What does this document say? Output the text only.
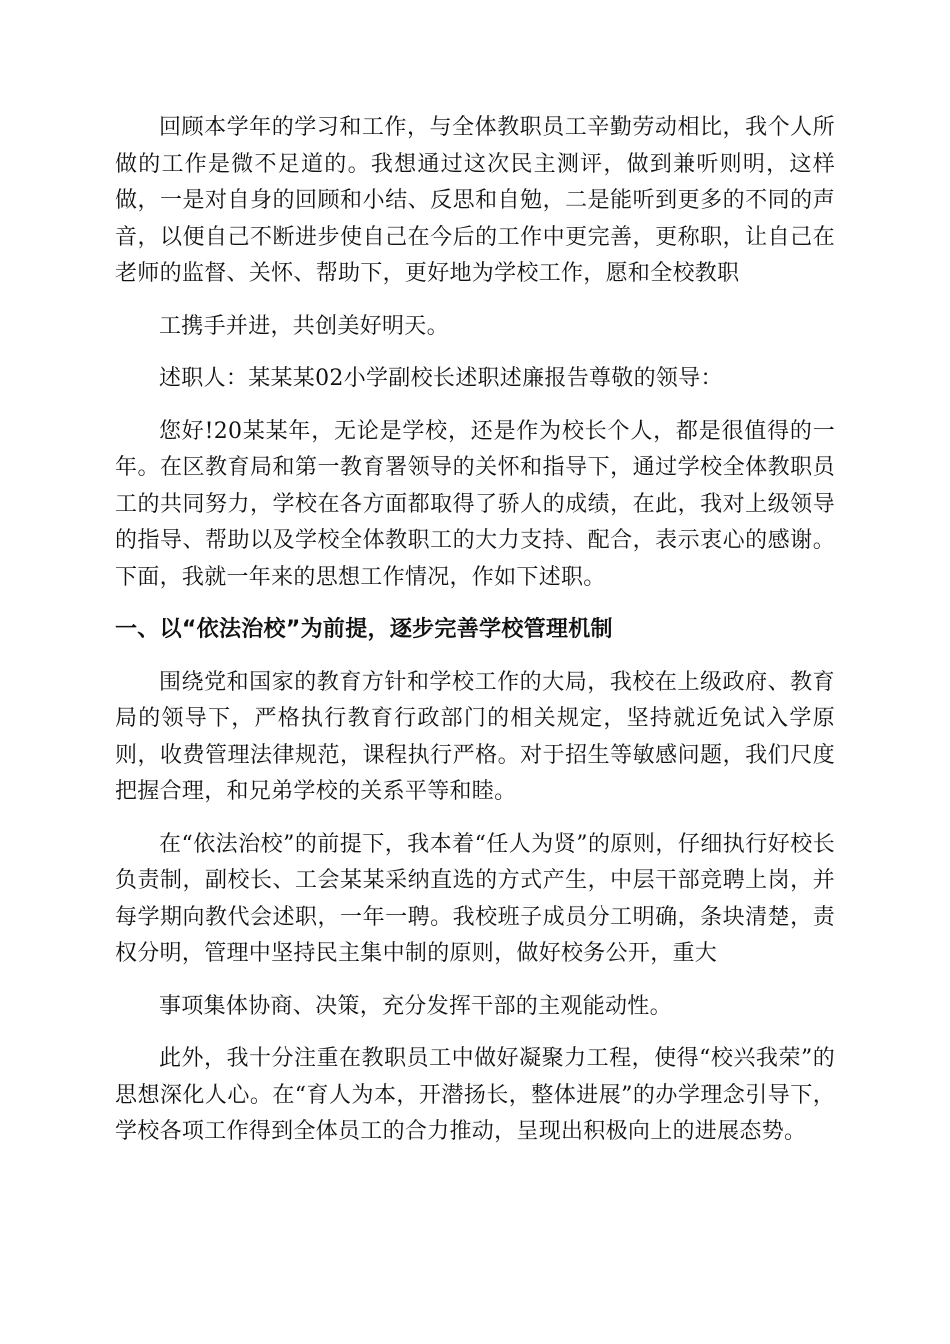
回顾本学年的学习和工作，与全体教职员工辛勤劳动相比，我个人所做的工作是微不足道的。我想通过这次民主测评，做到兼听则明，这样做，一是对自身的回顾和小结、反思和自勉，二是能听到更多的不同的声音，以便自己不断进步使自己在今后的工作中更完善，更称职，让自己在老师的监督、关怀、帮助下，更好地为学校工作，愿和全校教职

工携手并进，共创美好明天。

述职人：某某某02小学副校长述职述廉报告尊敬的领导：

您好!20某某年，无论是学校，还是作为校长个人，都是很值得的一年。在区教育局和第一教育署领导的关怀和指导下，通过学校全体教职员工的共同努力，学校在各方面都取得了骄人的成绩，在此，我对上级领导的指导、帮助以及学校全体教职工的大力支持、配合，表示衷心的感谢。下面，我就一年来的思想工作情况，作如下述职。

一、以“依法治校”为前提，逐步完善学校管理机制

围绕党和国家的教育方针和学校工作的大局，我校在上级政府、教育局的领导下，严格执行教育行政部门的相关规定，坚持就近免试入学原则，收费管理法律规范，课程执行严格。对于招生等敏感问题，我们尺度把握合理，和兄弟学校的关系平等和睦。

在“依法治校”的前提下，我本着“任人为贤”的原则，仔细执行好校长负责制，副校长、工会某某采纳直选的方式产生，中层干部竞聘上岗，并每学期向教代会述职，一年一聘。我校班子成员分工明确，条块清楚，责权分明，管理中坚持民主集中制的原则，做好校务公开，重大

事项集体协商、决策，充分发挥干部的主观能动性。

此外，我十分注重在教职员工中做好凝聚力工程，使得“校兴我荣”的思想深化人心。在“育人为本，开潜扬长，整体进展”的办学理念引导下，学校各项工作得到全体员工的合力推动，呈现出积极向上的进展态势。
